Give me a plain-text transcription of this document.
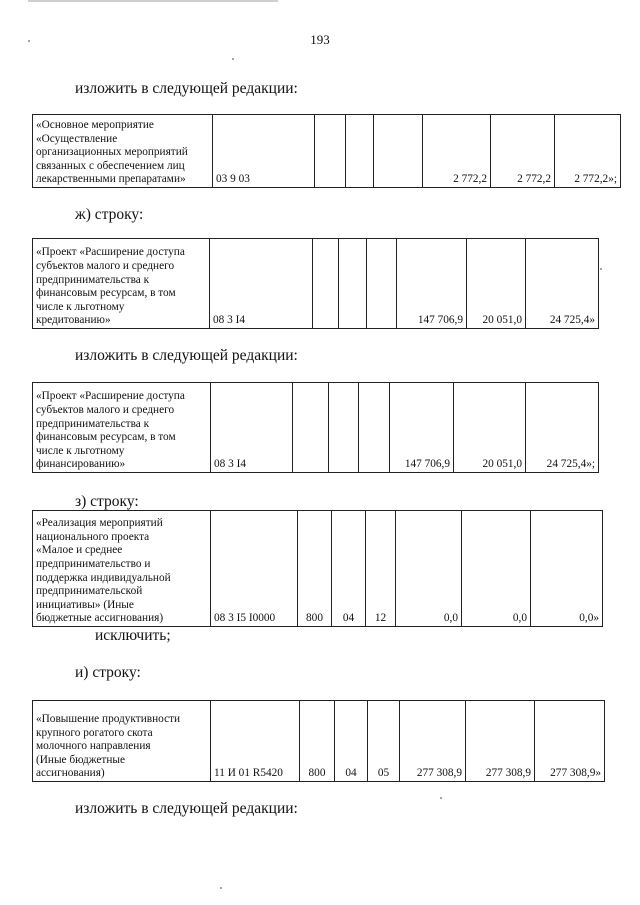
193
изложить в следующей редакции:
«Основное мероприятие
«Осуществление
организационных мероприятий
связанных с обеспечением лиц
лекарственными препаратами»	03 9 03				2 772,2	2 772,2	2 772,2»;
ж) строку:
«Проект «Расширение доступа
субъектов малого и среднего
предпринимательства к
финансовым ресурсам, в том
числе к льготному
кредитованию»	08 3 I4				147 706,9	20 051,0	24 725,4»
изложить в следующей редакции:
«Проект «Расширение доступа
субъектов малого и среднего
предпринимательства к
финансовым ресурсам, в том
числе к льготному
финансированию»	08 3 I4				147 706,9	20 051,0	24 725,4»;
з) строку:
«Реализация мероприятий
национального проекта
«Малое и среднее
предпринимательство и
поддержка индивидуальной
предпринимательской
инициативы» (Иные
бюджетные ассигнования)	08 3 I5 I0000	800	04	12	0,0	0,0	0,0»
исключить;
и) строку:
«Повышение продуктивности
крупного рогатого скота
молочного направления
(Иные бюджетные
ассигнования)	11 И 01 R5420	800	04	05	277 308,9	277 308,9	277 308,9»
изложить в следующей редакции:
